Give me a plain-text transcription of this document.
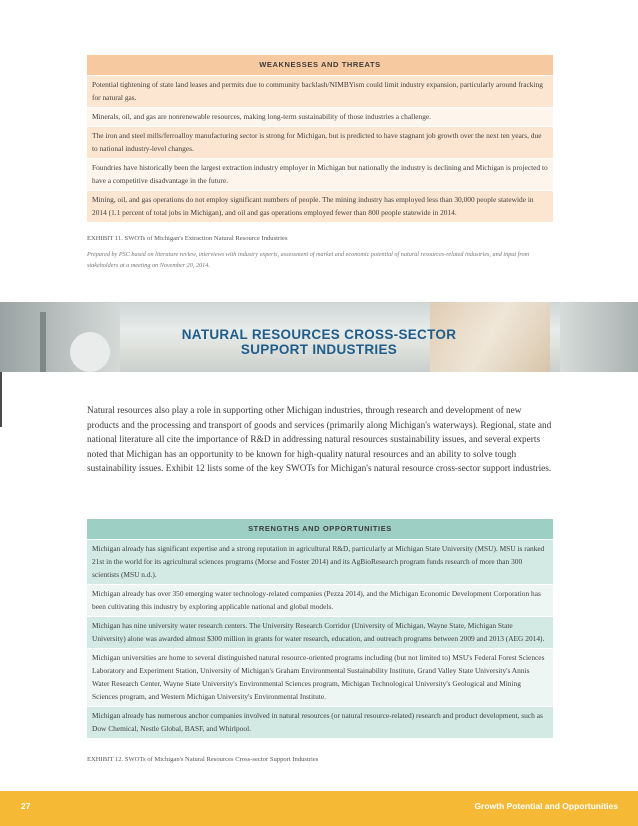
WEAKNESSES AND THREATS
Potential tightening of state land leases and permits due to community backlash/NIMBYism could limit industry expansion, particularly around fracking for natural gas.
Minerals, oil, and gas are nonrenewable resources, making long-term sustainability of those industries a challenge.
The iron and steel mills/ferroalloy manufacturing sector is strong for Michigan, but is predicted to have stagnant job growth over the next ten years, due to national industry-level changes.
Foundries have historically been the largest extraction industry employer in Michigan but nationally the industry is declining and Michigan is projected to have a competitive disadvantage in the future.
Mining, oil, and gas operations do not employ significant numbers of people. The mining industry has employed less than 30,000 people statewide in 2014 (1.1 percent of total jobs in Michigan), and oil and gas operations employed fewer than 800 people statewide in 2014.
EXHIBIT 11. SWOTs of Michigan's Extraction Natural Resource Industries
Prepared by PSC based on literature review, interviews with industry experts, assessment of market and economic potential of natural resources-related industries, and input from stakeholders at a meeting on November 20, 2014.
NATURAL RESOURCES CROSS-SECTOR
SUPPORT INDUSTRIES
Natural resources also play a role in supporting other Michigan industries, through research and development of new products and the processing and transport of goods and services (primarily along Michigan's waterways). Regional, state and national literature all cite the importance of R&D in addressing natural resources sustainability issues, and several experts noted that Michigan has an opportunity to be known for high-quality natural resources and an ability to solve tough sustainability issues. Exhibit 12 lists some of the key SWOTs for Michigan's natural resource cross-sector support industries.
STRENGTHS AND OPPORTUNITIES
Michigan already has significant expertise and a strong reputation in agricultural R&D, particularly at Michigan State University (MSU). MSU is ranked 21st in the world for its agricultural sciences programs (Morse and Foster 2014) and its AgBioResearch program funds research of more than 300 scientists (MSU n.d.).
Michigan already has over 350 emerging water technology-related companies (Pezza 2014), and the Michigan Economic Development Corporation has been cultivating this industry by exploring applicable national and global models.
Michigan has nine university water research centers. The University Research Corridor (University of Michigan, Wayne State, Michigan State University) alone was awarded almost $300 million in grants for water research, education, and outreach programs between 2009 and 2013 (AEG 2014).
Michigan universities are home to several distinguished natural resource-oriented programs including (but not limited to) MSU's Federal Forest Sciences Laboratory and Experiment Station, University of Michigan's Graham Environmental Sustainability Institute, Grand Valley State University's Annis Water Research Center, Wayne State University's Environmental Sciences program, Michigan Technological University's Geological and Mining Sciences program, and Western Michigan University's Environmental Institute.
Michigan already has numerous anchor companies involved in natural resources (or natural resource-related) research and product development, such as Dow Chemical, Nestle Global, BASF, and Whirlpool.
EXHIBIT 12. SWOTs of Michigan's Natural Resources Cross-sector Support Industries
27	Growth Potential and Opportunities
